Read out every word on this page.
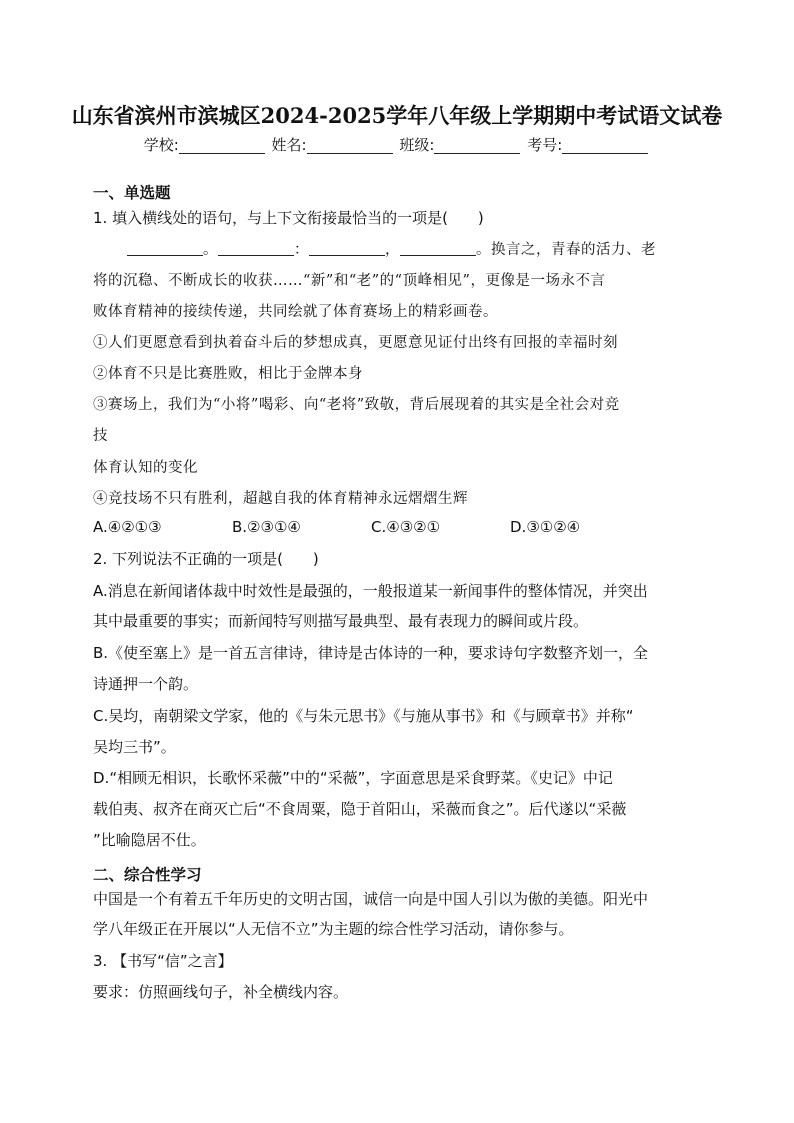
山东省滨州市滨城区2024-2025学年八年级上学期期中考试语文试卷
学校:	姓名:	班级:	考号:
一、单选题
1. 填入横线处的语句，与上下文衔接最恰当的一项是(　　)
。	：	，	。换言之，青春的活力、老
将的沉稳、不断成长的收获……“新”和“老”的“顶峰相见”，更像是一场永不言
败体育精神的接续传递，共同绘就了体育赛场上的精彩画卷。
①人们更愿意看到执着奋斗后的梦想成真，更愿意见证付出终有回报的幸福时刻
②体育不只是比赛胜败，相比于金牌本身
③赛场上，我们为“小将”喝彩、向“老将”致敬，背后展现着的其实是全社会对竞
技
体育认知的变化
④竞技场不只有胜利，超越自我的体育精神永远熠熠生辉
A.④②①③	B.②③①④	C.④③②①	D.③①②④
2. 下列说法不正确的一项是(　　)
A.消息在新闻诸体裁中时效性是最强的，一般报道某一新闻事件的整体情况，并突出
其中最重要的事实；而新闻特写则描写最典型、最有表现力的瞬间或片段。
B.《使至塞上》是一首五言律诗，律诗是古体诗的一种，要求诗句字数整齐划一，全
诗通押一个韵。
C.吴均，南朝梁文学家，他的《与朱元思书》《与施从事书》和《与顾章书》并称“
吴均三书”。
D.“相顾无相识，长歌怀采薇”中的“采薇”，字面意思是采食野菜。《史记》中记
载伯夷、叔齐在商灭亡后“不食周粟，隐于首阳山，采薇而食之”。后代遂以“采薇
”比喻隐居不仕。
二、综合性学习
中国是一个有着五千年历史的文明古国，诚信一向是中国人引以为傲的美德。阳光中
学八年级正在开展以“人无信不立”为主题的综合性学习活动，请你参与。
3. 【书写“信”之言】
要求：仿照画线句子，补全横线内容。
